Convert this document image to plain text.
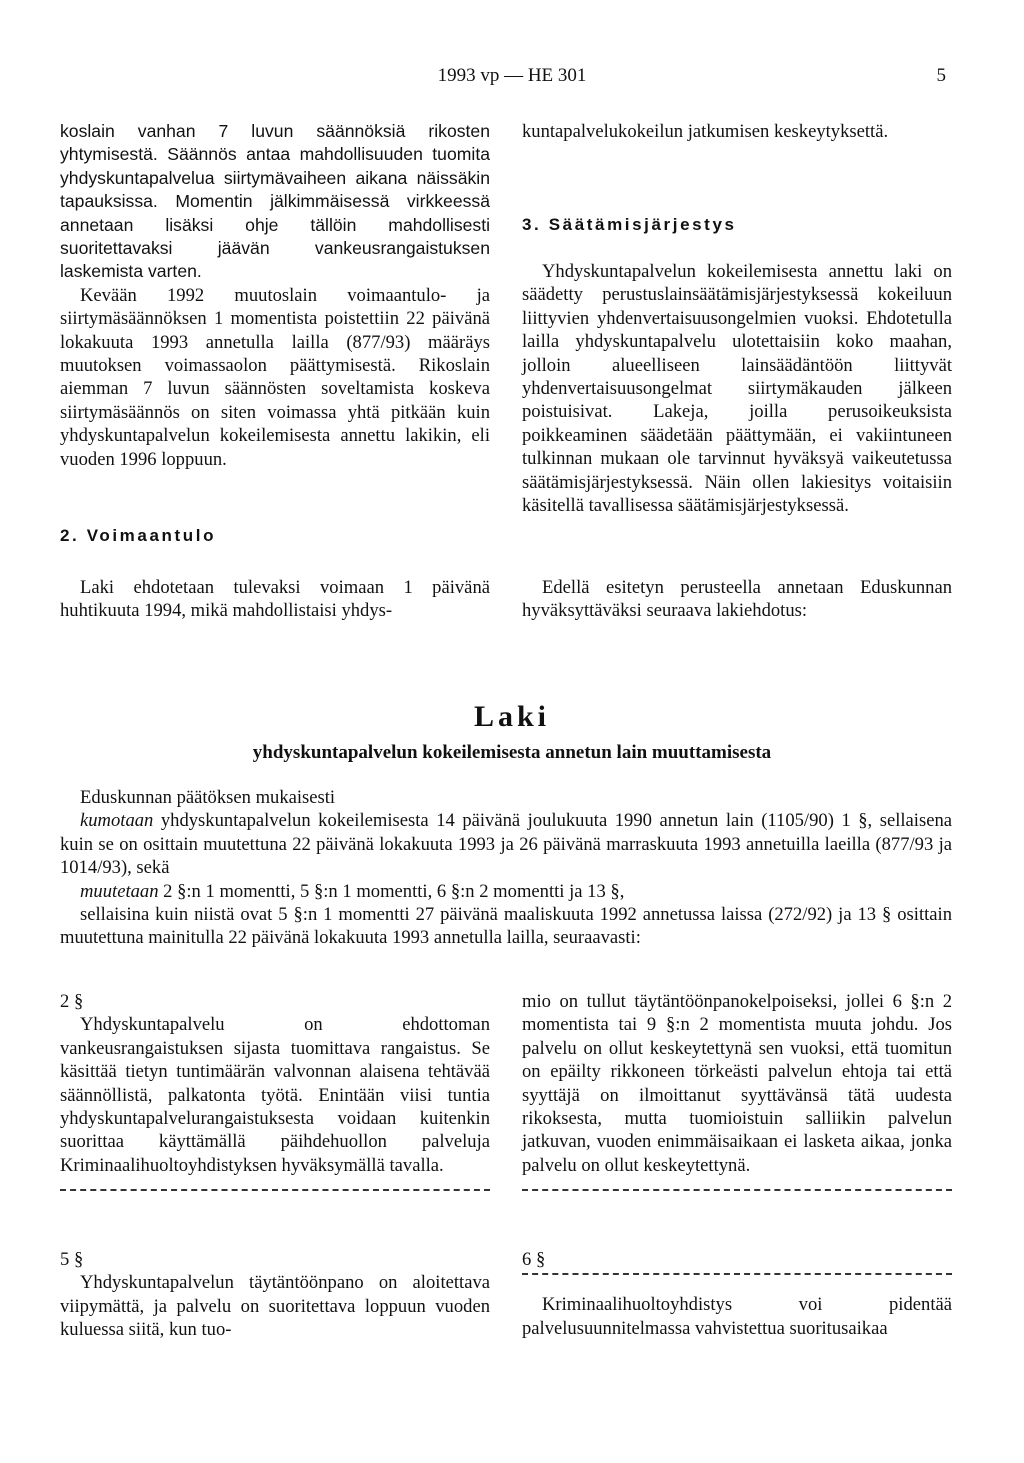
1993 vp — HE 301	5

koslain vanhan 7 luvun säännöksiä rikosten yhtymisestä. Säännös antaa mahdollisuuden tuomita yhdyskuntapalvelua siirtymävaiheen aikana näissäkin tapauksissa. Momentin jälkimmäisessä virkkeessä annetaan lisäksi ohje tällöin mahdollisesti suoritettavaksi jäävän vankeusrangaistuksen laskemista varten.

Kevään 1992 muutoslain voimaantulo- ja siirtymäsäännöksen 1 momentista poistettiin 22 päivänä lokakuuta 1993 annetulla lailla (877/93) määräys muutoksen voimassaolon päättymisestä. Rikoslain aiemman 7 luvun säännösten soveltamista koskeva siirtymäsäännös on siten voimassa yhtä pitkään kuin yhdyskuntapalvelun kokeilemisesta annettu lakikin, eli vuoden 1996 loppuun.

2. Voimaantulo

Laki ehdotetaan tulevaksi voimaan 1 päivänä huhtikuuta 1994, mikä mahdollistaisi yhdys-

kuntapalvelukokeilun jatkumisen keskeytyksettä.

3. Säätämisjärjestys

Yhdyskuntapalvelun kokeilemisesta annettu laki on säädetty perustuslainsäätämisjärjestyksessä kokeiluun liittyvien yhdenvertaisuusongelmien vuoksi. Ehdotetulla lailla yhdyskuntapalvelu ulotettaisiin koko maahan, jolloin alueelliseen lainsäädäntöön liittyvät yhdenvertaisuusongelmat siirtymäkauden jälkeen poistuisivat. Lakeja, joilla perusoikeuksista poikkeaminen säädetään päättymään, ei vakiintuneen tulkinnan mukaan ole tarvinnut hyväksyä vaikeutetussa säätämisjärjestyksessä. Näin ollen lakiesitys voitaisiin käsitellä tavallisessa säätämisjärjestyksessä.

Edellä esitetyn perusteella annetaan Eduskunnan hyväksyttäväksi seuraava lakiehdotus:

Laki
yhdyskuntapalvelun kokeilemisesta annetun lain muuttamisesta

Eduskunnan päätöksen mukaisesti

kumotaan yhdyskuntapalvelun kokeilemisesta 14 päivänä joulukuuta 1990 annetun lain (1105/90) 1 §, sellaisena kuin se on osittain muutettuna 22 päivänä lokakuuta 1993 ja 26 päivänä marraskuuta 1993 annetuilla laeilla (877/93 ja 1014/93), sekä

muutetaan 2 §:n 1 momentti, 5 §:n 1 momentti, 6 §:n 2 momentti ja 13 §,

sellaisina kuin niistä ovat 5 §:n 1 momentti 27 päivänä maaliskuuta 1992 annetussa laissa (272/92) ja 13 § osittain muutettuna mainitulla 22 päivänä lokakuuta 1993 annetulla lailla, seuraavasti:

2 §

Yhdyskuntapalvelu on ehdottoman vankeusrangaistuksen sijasta tuomittava rangaistus. Se käsittää tietyn tuntimäärän valvonnan alaisena tehtävää säännöllistä, palkatonta työtä. Enintään viisi tuntia yhdyskuntapalvelurangaistuksesta voidaan kuitenkin suorittaa käyttämällä päihdehuollon palveluja Kriminaalihuoltoyhdistyksen hyväksymällä tavalla.

mio on tullut täytäntöönpanokelpoiseksi, jollei 6 §:n 2 momentista tai 9 §:n 2 momentista muuta johdu. Jos palvelu on ollut keskeytettynä sen vuoksi, että tuomitun on epäilty rikkoneen törkeästi palvelun ehtoja tai että syyttäjä on ilmoittanut syyttävänsä tätä uudesta rikoksesta, mutta tuomioistuin salliikin palvelun jatkuvan, vuoden enimmäisaikaan ei lasketa aikaa, jonka palvelu on ollut keskeytettynä.

5 §

Yhdyskuntapalvelun täytäntöönpano on aloitettava viipymättä, ja palvelu on suoritettava loppuun vuoden kuluessa siitä, kun tuo-

6 §

Kriminaalihuoltoyhdistys voi pidentää palvelusuunnitelmassa vahvistettua suoritusaikaa
